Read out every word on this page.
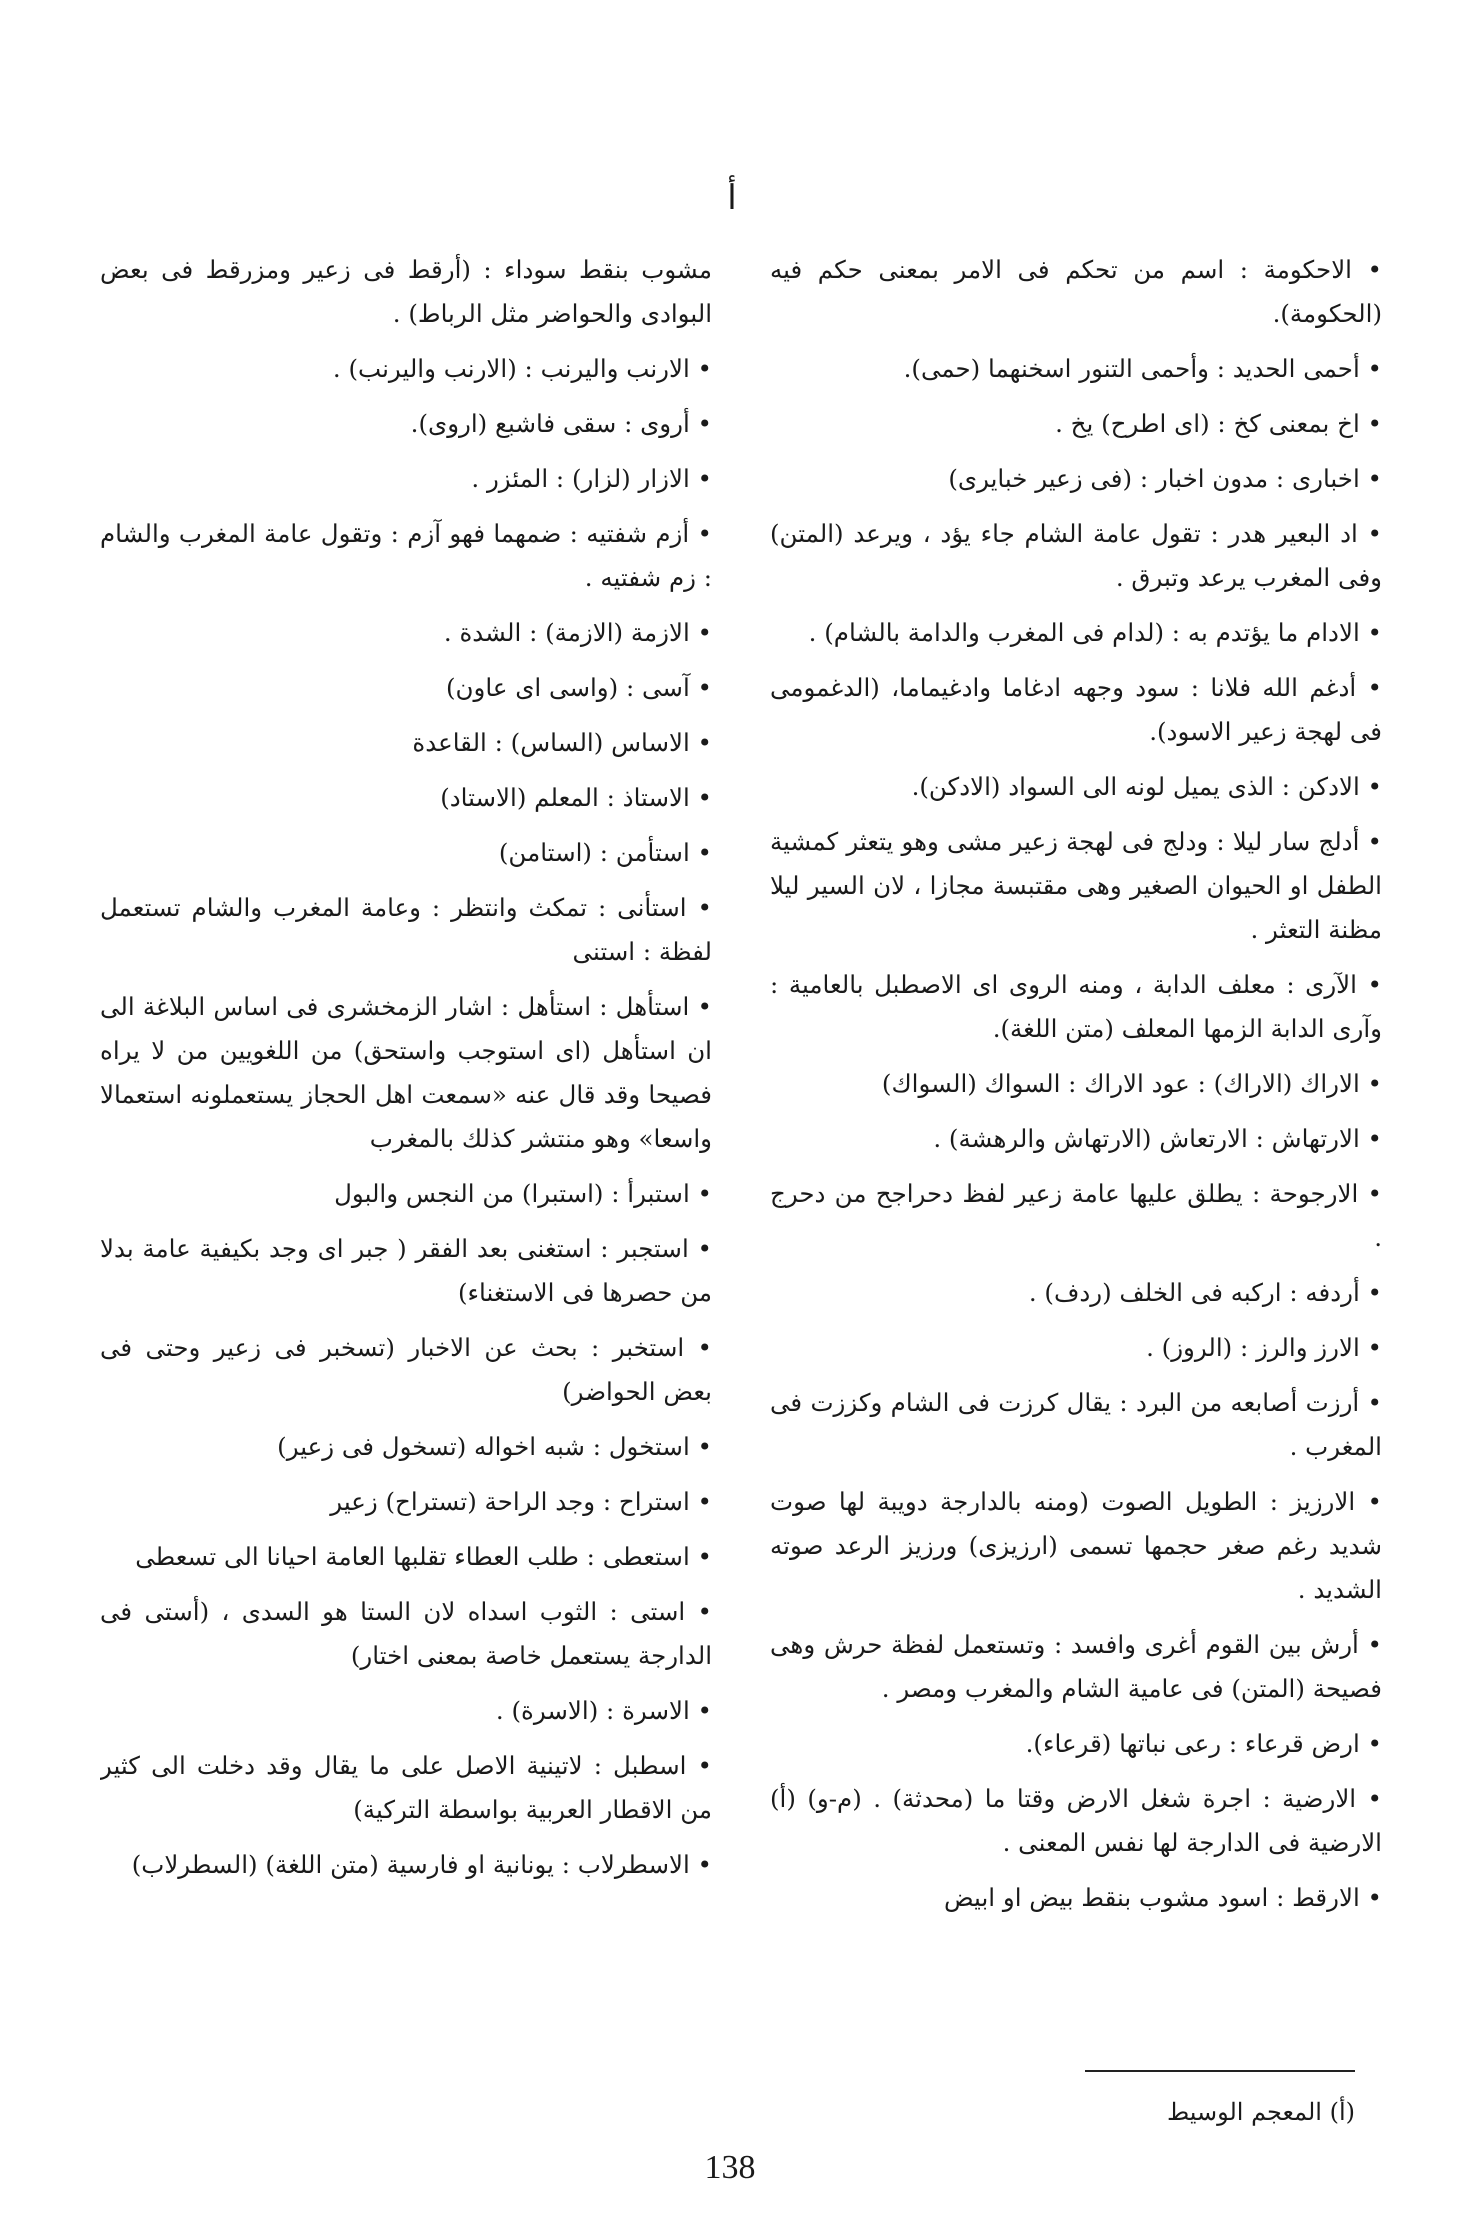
أ

• الاحكومة : اسم من تحكم فى الامر بمعنى حكم فيه (الحكومة).

• أحمى الحديد : وأحمى التنور اسخنهما (حمى).

• اخ بمعنى كخ : (اى اطرح) يخ .

• اخبارى : مدون اخبار : (فى زعير خبايرى)

• اد البعير هدر : تقول عامة الشام جاء يؤد ، ويرعد (المتن) وفى المغرب يرعد وتبرق .

• الادام ما يؤتدم به : (لدام فى المغرب والدامة بالشام) .

• أدغم الله فلانا : سود وجهه ادغاما وادغيماما، (الدغمومى فى لهجة زعير الاسود).

• الادكن : الذى يميل لونه الى السواد (الادكن).

• أدلج سار ليلا : ودلج فى لهجة زعير مشى وهو يتعثر كمشية الطفل او الحيوان الصغير وهى مقتبسة مجازا ، لان السير ليلا مظنة التعثر .

• الآرى : معلف الدابة ، ومنه الروى اى الاصطبل بالعامية : وآرى الدابة الزمها المعلف (متن اللغة).

• الاراك (الاراك) : عود الاراك : السواك (السواك)

• الارتهاش : الارتعاش (الارتهاش والرهشة) .

• الارجوحة : يطلق عليها عامة زعير لفظ دحراجح من دحرج .

• أردفه : اركبه فى الخلف (ردف) .

• الارز والرز : (الروز) .

• أرزت أصابعه من البرد : يقال كرزت فى الشام وكززت فى المغرب .

• الارزيز : الطويل الصوت (ومنه بالدارجة دويبة لها صوت شديد رغم صغر حجمها تسمى (ارزيزى) ورزيز الرعد صوته الشديد .

• أرش بين القوم أغرى وافسد : وتستعمل لفظة حرش وهى فصيحة (المتن) فى عامية الشام والمغرب ومصر .

• ارض قرعاء : رعى نباتها (قرعاء).

• الارضية : اجرة شغل الارض وقتا ما (محدثة) . (م-و) (أ) الارضية فى الدارجة لها نفس المعنى .

• الارقط : اسود مشوب بنقط بيض او ابيض

مشوب بنقط سوداء : (أرقط فى زعير ومزرقط فى بعض البوادى والحواضر مثل الرباط) .

• الارنب واليرنب : (الارنب واليرنب) .

• أروى : سقى فاشبع (اروى).

• الازار (لزار) : المئزر .

• أزم شفتيه : ضمهما فهو آزم : وتقول عامة المغرب والشام : زم شفتيه .

• الازمة (الازمة) : الشدة .

• آسى : (واسى اى عاون)

• الاساس (الساس) : القاعدة

• الاستاذ : المعلم (الاستاد)

• استأمن : (استامن)

• استأنى : تمكث وانتظر : وعامة المغرب والشام تستعمل لفظة : استنى

• استأهل : استأهل : اشار الزمخشرى فى اساس البلاغة الى ان استأهل (اى استوجب واستحق) من اللغويين من لا يراه فصيحا وقد قال عنه «سمعت اهل الحجاز يستعملونه استعمالا واسعا» وهو منتشر كذلك بالمغرب

• استبرأ : (استبرا) من النجس والبول

• استجبر : استغنى بعد الفقر ( جبر اى وجد بكيفية عامة بدلا من حصرها فى الاستغناء)

• استخبر : بحث عن الاخبار (تسخبر فى زعير وحتى فى بعض الحواضر)

• استخول : شبه اخواله (تسخول فى زعير)

• استراح : وجد الراحة (تستراح) زعير

• استعطى : طلب العطاء تقلبها العامة احيانا الى تسعطى

• استى : الثوب اسداه لان الستا هو السدى ، (أستى فى الدارجة يستعمل خاصة بمعنى اختار)

• الاسرة : (الاسرة) .

• اسطبل : لاتينية الاصل على ما يقال وقد دخلت الى كثير من الاقطار العربية بواسطة التركية)

• الاسطرلاب : يونانية او فارسية (متن اللغة) (السطرلاب)

(أ) المعجم الوسيط
138
